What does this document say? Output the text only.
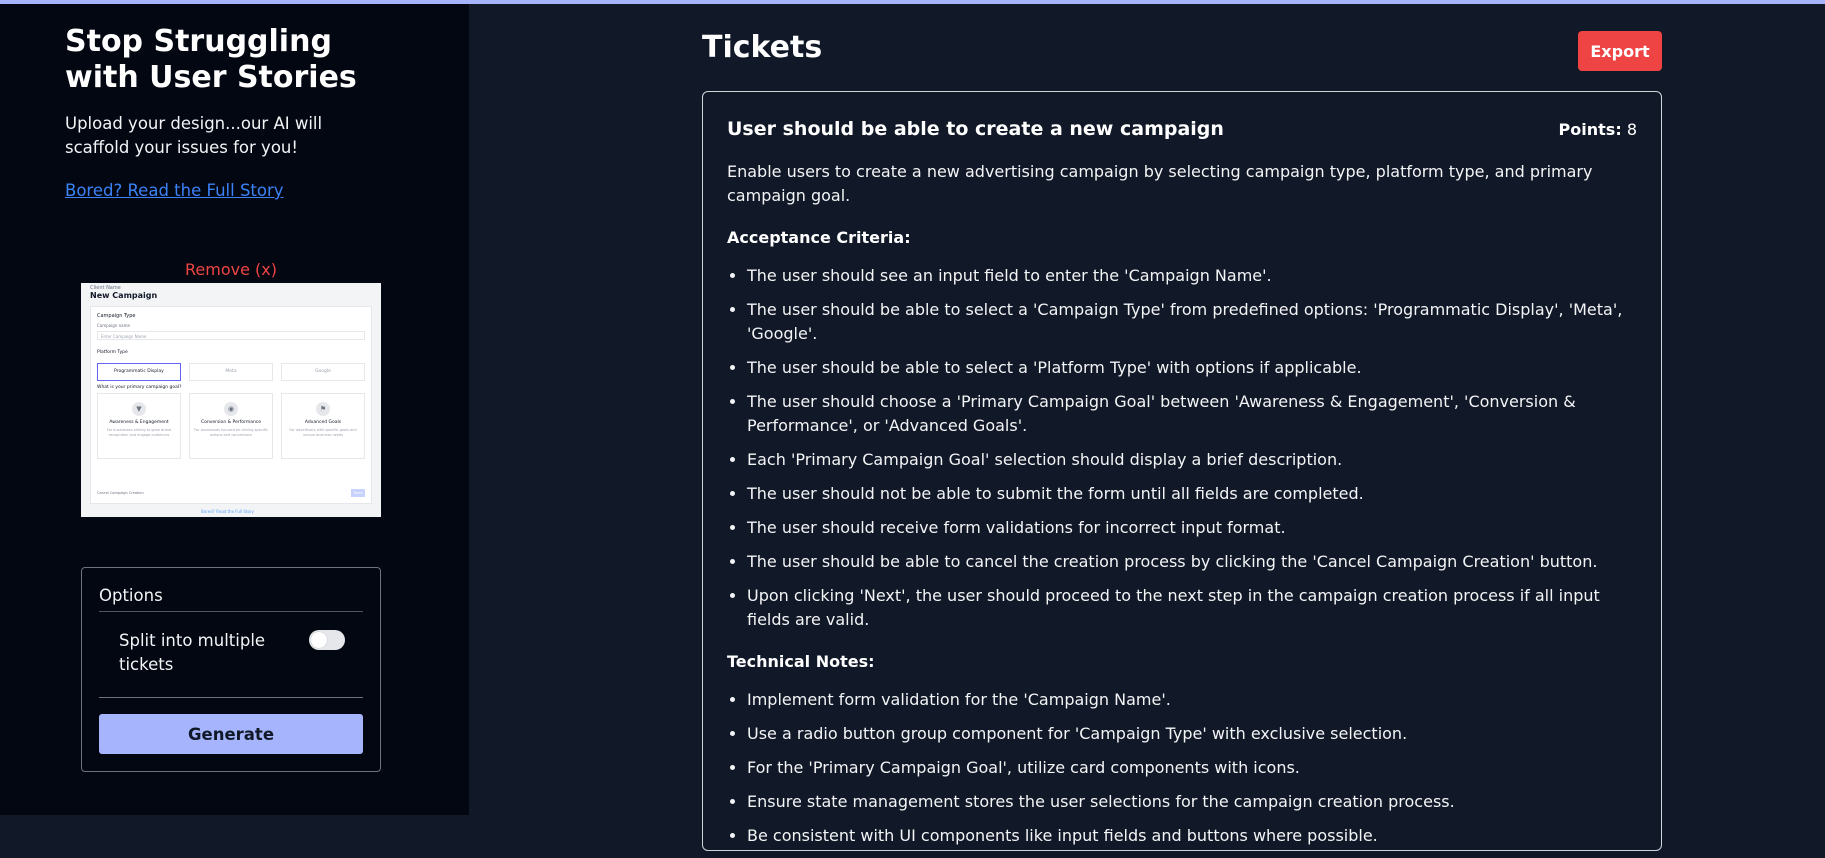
Stop Struggling with User Stories

Upload your design...our AI will scaffold your issues for you!

Bored? Read the Full Story
Remove (x)
Client Name
New Campaign
Campaign Type
Campaign name
Enter Campaign Name
Platform Type
Programmatic Display	Meta	Google
What is your primary campaign goal?
▼
Awareness & Engagement
For businesses aiming to grow brand recognition and engage audiences
◉
Conversion & Performance
For businesses focused on driving specific actions and conversions
⚑
Advanced Goals
For advertisers with specific goals and unique business needs
Cancel Campaign Creation	Next
Bored? Read the Full Story
Options
Split into multiple tickets
Generate
Tickets	Export
User should be able to create a new campaign	Points: 8

Enable users to create a new advertising campaign by selecting campaign type, platform type, and primary campaign goal.

Acceptance Criteria:
• The user should see an input field to enter the 'Campaign Name'.
• The user should be able to select a 'Campaign Type' from predefined options: 'Programmatic Display', 'Meta', 'Google'.
• The user should be able to select a 'Platform Type' with options if applicable.
• The user should choose a 'Primary Campaign Goal' between 'Awareness & Engagement', 'Conversion & Performance', or 'Advanced Goals'.
• Each 'Primary Campaign Goal' selection should display a brief description.
• The user should not be able to submit the form until all fields are completed.
• The user should receive form validations for incorrect input format.
• The user should be able to cancel the creation process by clicking the 'Cancel Campaign Creation' button.
• Upon clicking 'Next', the user should proceed to the next step in the campaign creation process if all input fields are valid.
Technical Notes:
• Implement form validation for the 'Campaign Name'.
• Use a radio button group component for 'Campaign Type' with exclusive selection.
• For the 'Primary Campaign Goal', utilize card components with icons.
• Ensure state management stores the user selections for the campaign creation process.
• Be consistent with UI components like input fields and buttons where possible.
